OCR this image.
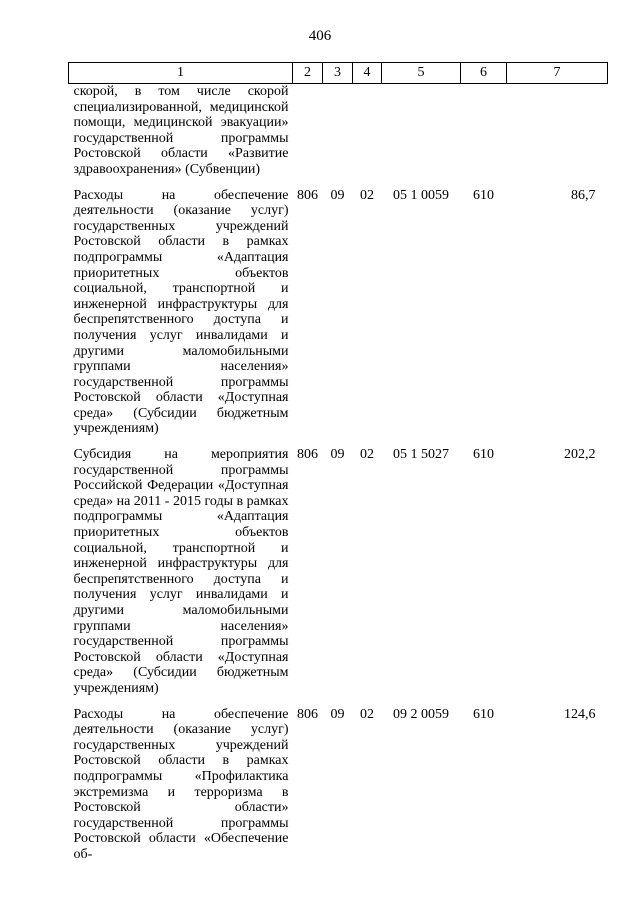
406
1	2	3	4	5	6	7
скорой, в том числе скорой специализированной, медицинской помощи, медицинской эвакуации» государственной программы Ростовской области «Развитие здравоохранения» (Субвенции)						
Расходы на обеспечение деятельности (оказание услуг) государственных учреждений Ростовской области в рамках подпрограммы «Адаптация приоритетных объектов социальной, транспортной и инженерной инфраструктуры для беспрепятственного доступа и получения услуг инвалидами и другими маломобильными группами населения» государственной программы Ростовской области «Доступная среда» (Субсидии бюджетным учреждениям)	806	09	02	05 1 0059	610	86,7
Субсидия на мероприятия государственной программы Российской Федерации «Доступная среда» на 2011 - 2015 годы в рамках подпрограммы «Адаптация приоритетных объектов социальной, транспортной и инженерной инфраструктуры для беспрепятственного доступа и получения услуг инвалидами и другими маломобильными группами населения» государственной программы Ростовской области «Доступная среда» (Субсидии бюджетным учреждениям)	806	09	02	05 1 5027	610	202,2
Расходы на обеспечение деятельности (оказание услуг) государственных учреждений Ростовской области в рамках подпрограммы «Профилактика экстремизма и терроризма в Ростовской области» государственной программы Ростовской области «Обеспечение об-	806	09	02	09 2 0059	610	124,6
